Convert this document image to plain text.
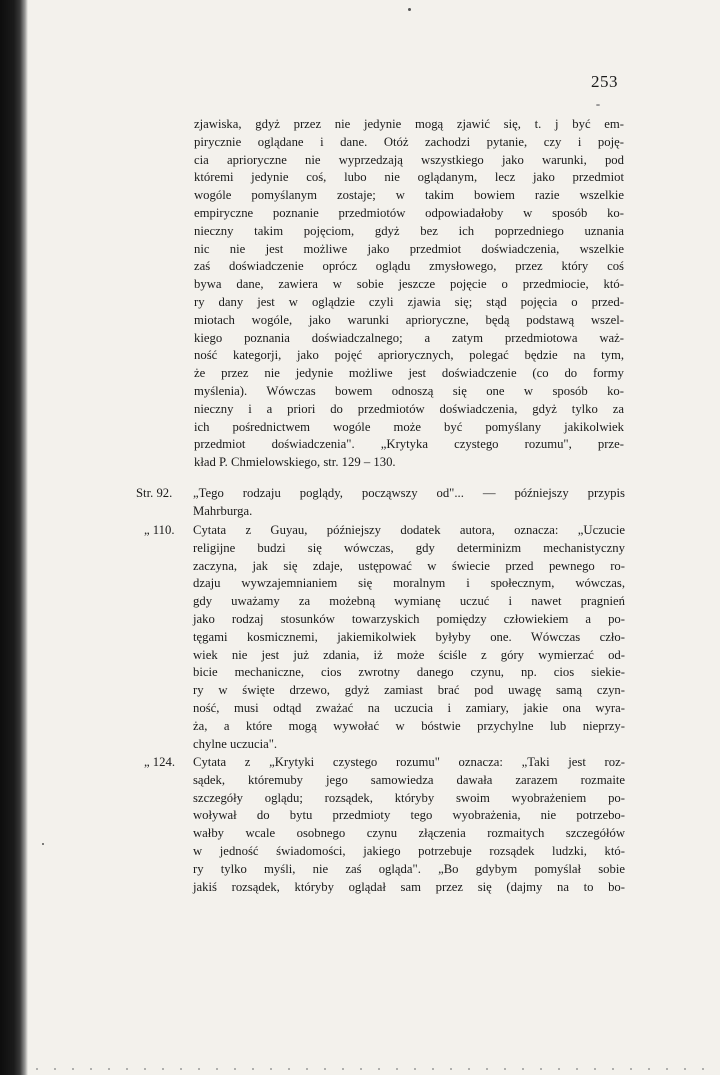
253
zjawiska, gdyż przez nie jedynie mogą zjawić się, t. j być em-
pirycznie oglądane i dane. Otóż zachodzi pytanie, czy i poję-
cia aprioryczne nie wyprzedzają wszystkiego jako warunki, pod
któremi jedynie coś, lubo nie oglądanym, lecz jako przedmiot
wogóle pomyślanym zostaje; w takim bowiem razie wszelkie
empiryczne poznanie przedmiotów odpowiadałoby w sposób ko-
nieczny takim pojęciom, gdyż bez ich poprzedniego uznania
nic nie jest możliwe jako przedmiot doświadczenia, wszelkie
zaś doświadczenie oprócz oglądu zmysłowego, przez który coś
bywa dane, zawiera w sobie jeszcze pojęcie o przedmiocie, któ-
ry dany jest w oglądzie czyli zjawia się; stąd pojęcia o przed-
miotach wogóle, jako warunki aprioryczne, będą podstawą wszel-
kiego poznania doświadczalnego; a zatym przedmiotowa waż-
ność kategorji, jako pojęć apriorycznych, polegać będzie na tym,
że przez nie jedynie możliwe jest doświadczenie (co do formy
myślenia). Wówczas bowem odnoszą się one w sposób ko-
nieczny i a priori do przedmiotów doświadczenia, gdyż tylko za
ich pośrednictwem wogóle może być pomyślany jakikolwiek
przedmiot doświadczenia". „Krytyka czystego rozumu", prze-
kład P. Chmielowskiego, str. 129 – 130.
Str. 92.	„Tego rodzaju poglądy, począwszy od"... — późniejszy przypis
Mahrburga.
„ 110.	Cytata z Guyau, późniejszy dodatek autora, oznacza: „Uczucie
religijne budzi się wówczas, gdy determinizm mechanistyczny
zaczyna, jak się zdaje, ustępować w świecie przed pewnego ro-
dzaju wywzajemnianiem się moralnym i społecznym, wówczas,
gdy uważamy za możebną wymianę uczuć i nawet pragnień
jako rodzaj stosunków towarzyskich pomiędzy człowiekiem a po-
tęgami kosmicznemi, jakiemikolwiek byłyby one. Wówczas czło-
wiek nie jest już zdania, iż może ściśle z góry wymierzać od-
bicie mechaniczne, cios zwrotny danego czynu, np. cios siekie-
ry w święte drzewo, gdyż zamiast brać pod uwagę samą czyn-
ność, musi odtąd zważać na uczucia i zamiary, jakie ona wyra-
ża, a które mogą wywołać w bóstwie przychylne lub nieprzy-
chylne uczucia".
„ 124.	Cytata z „Krytyki czystego rozumu" oznacza: „Taki jest roz-
sądek, któremuby jego samowiedza dawała zarazem rozmaite
szczegóły oglądu; rozsądek, któryby swoim wyobrażeniem po-
woływał do bytu przedmioty tego wyobrażenia, nie potrzebo-
wałby wcale osobnego czynu złączenia rozmaitych szczegółów
w jedność świadomości, jakiego potrzebuje rozsądek ludzki, któ-
ry tylko myśli, nie zaś ogląda". „Bo gdybym pomyślał sobie
jakiś rozsądek, któryby oglądał sam przez się (dajmy na to bo-
